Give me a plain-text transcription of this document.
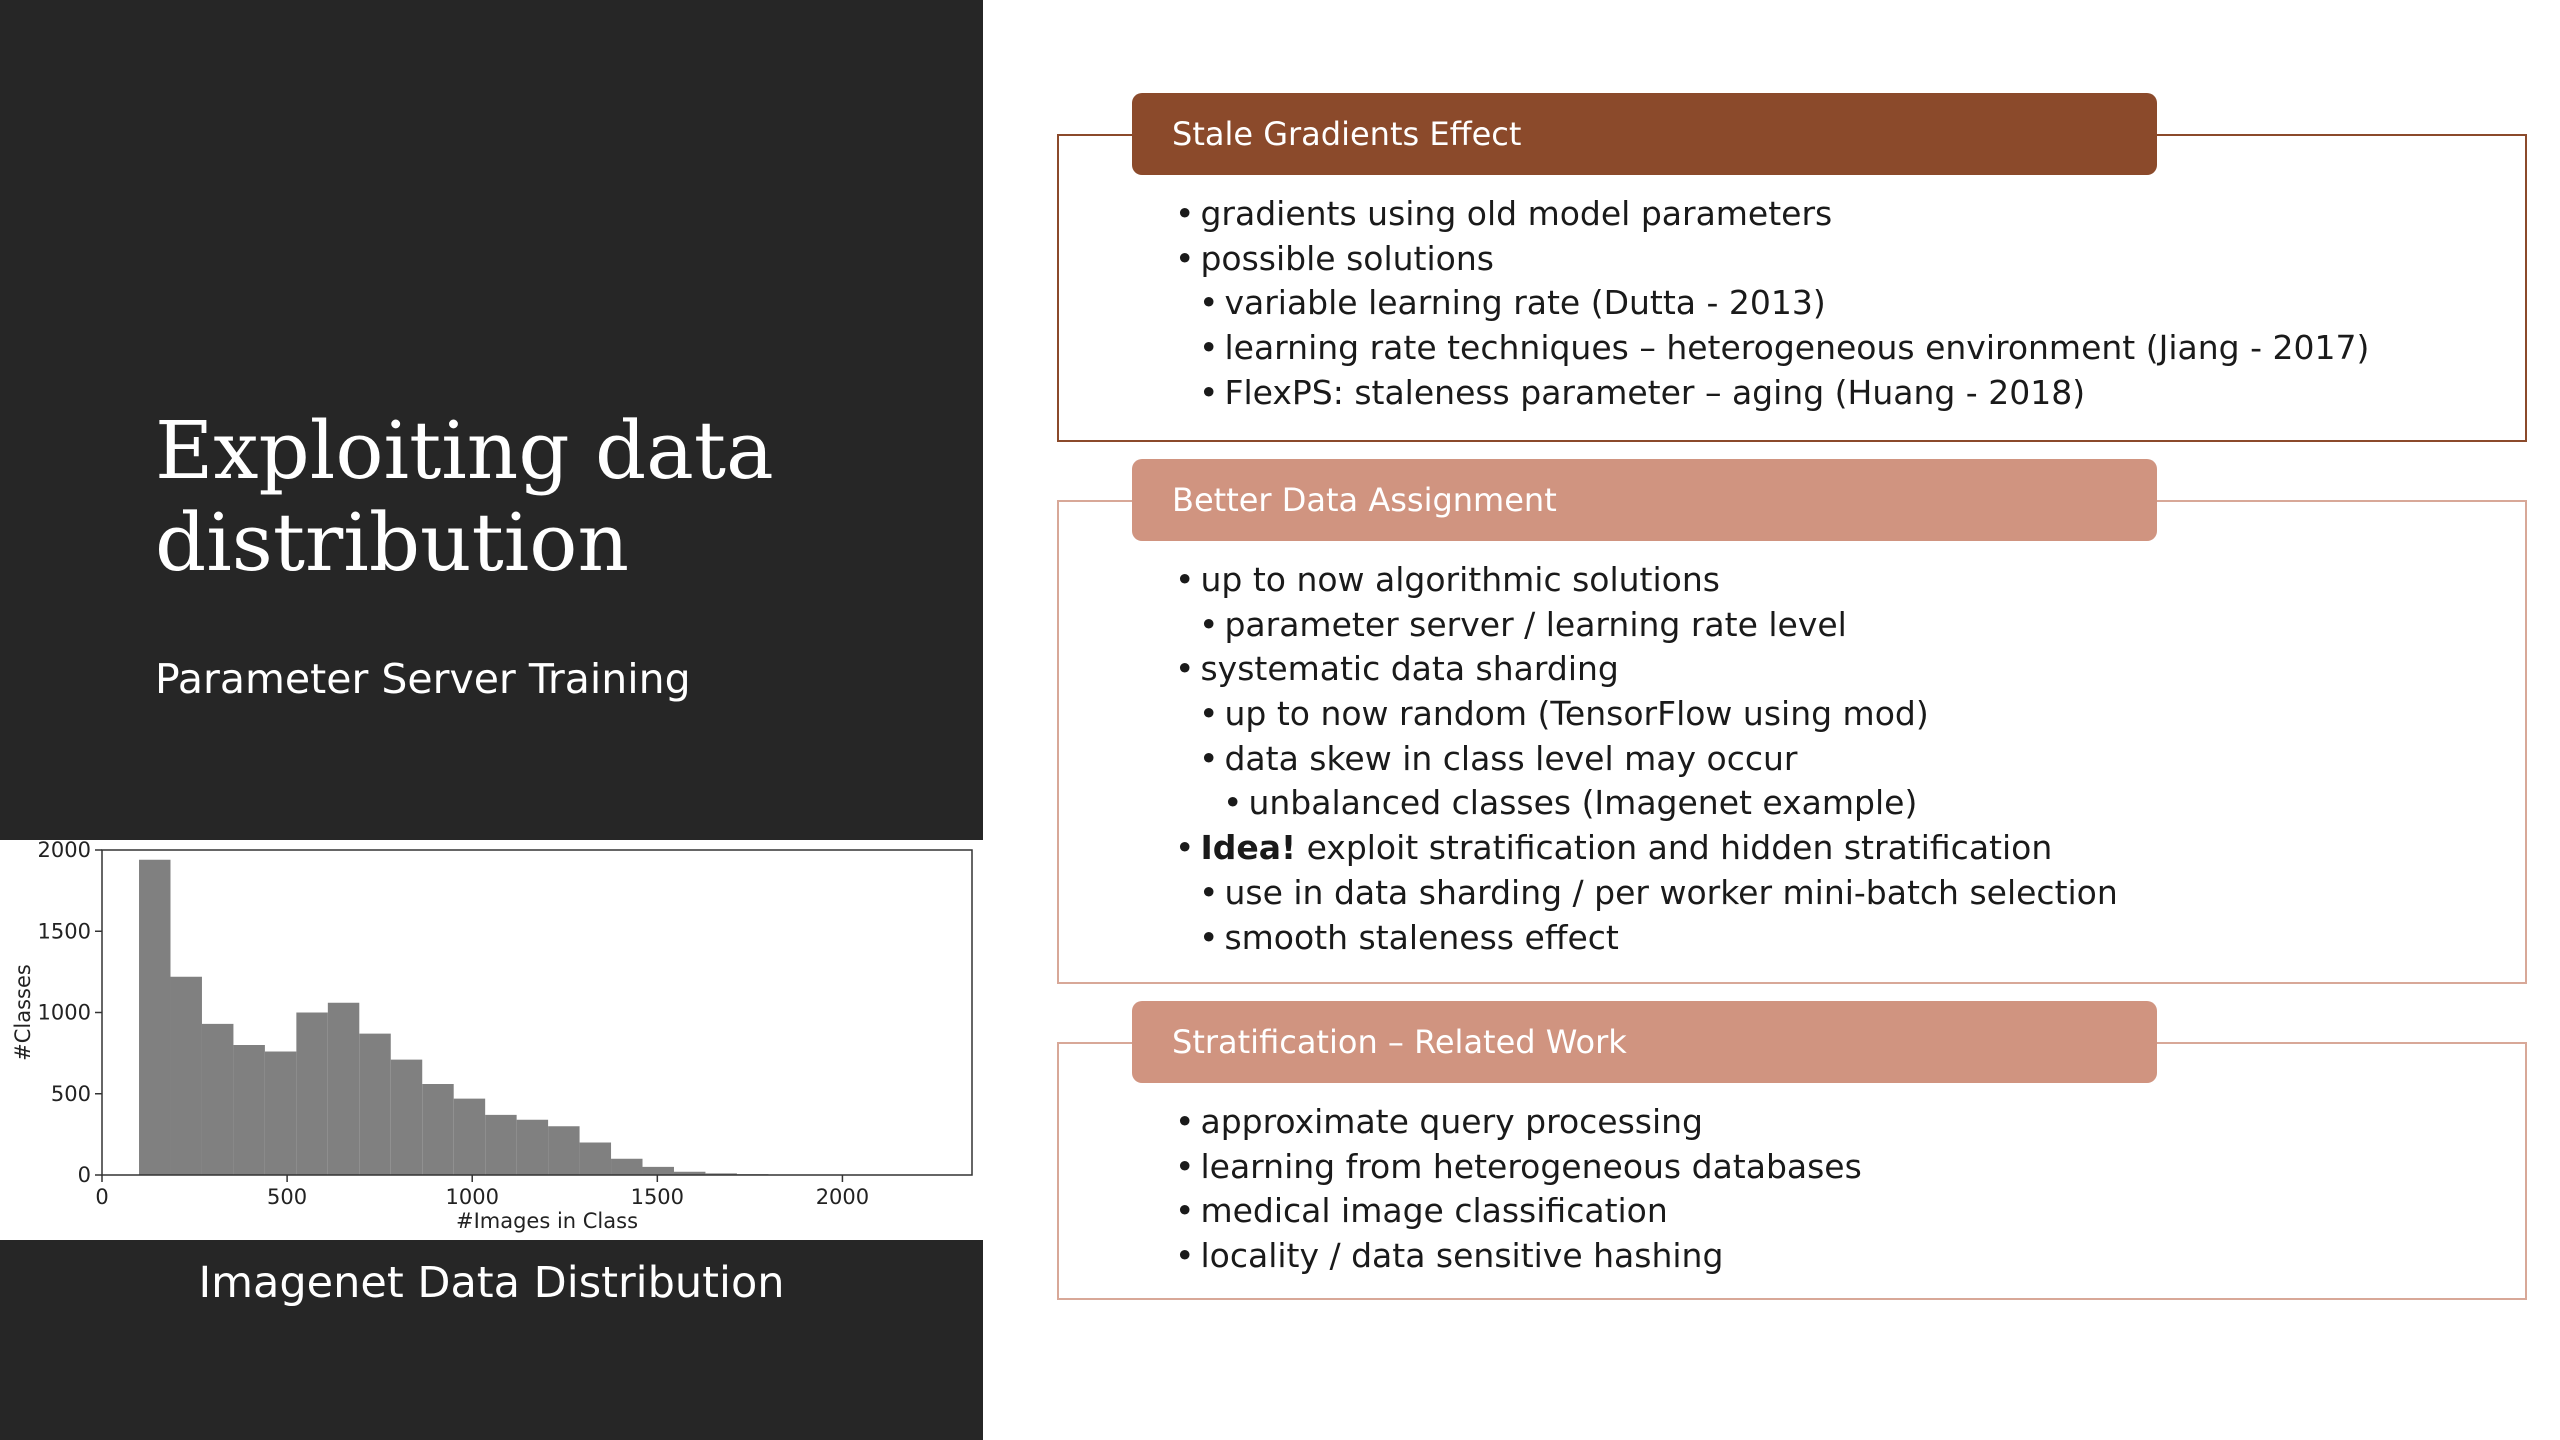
Exploiting data distribution
Parameter Server Training
0	500	1000	1500	2000
0
500
1000
1500
2000
#Images in Class
#Classes
Imagenet Data Distribution
Stale Gradients Effect
• gradients using old model parameters
• possible solutions
• variable learning rate (Dutta - 2013)
• learning rate techniques – heterogeneous environment (Jiang - 2017)
• FlexPS: staleness parameter – aging (Huang - 2018)
Better Data Assignment
• up to now algorithmic solutions
• parameter server / learning rate level
• systematic data sharding
• up to now random (TensorFlow using mod)
• data skew in class level may occur
• unbalanced classes (Imagenet example)
• Idea! exploit stratification and hidden stratification
• use in data sharding / per worker mini-batch selection
• smooth staleness effect
Stratification – Related Work
• approximate query processing
• learning from heterogeneous databases
• medical image classification
• locality / data sensitive hashing
